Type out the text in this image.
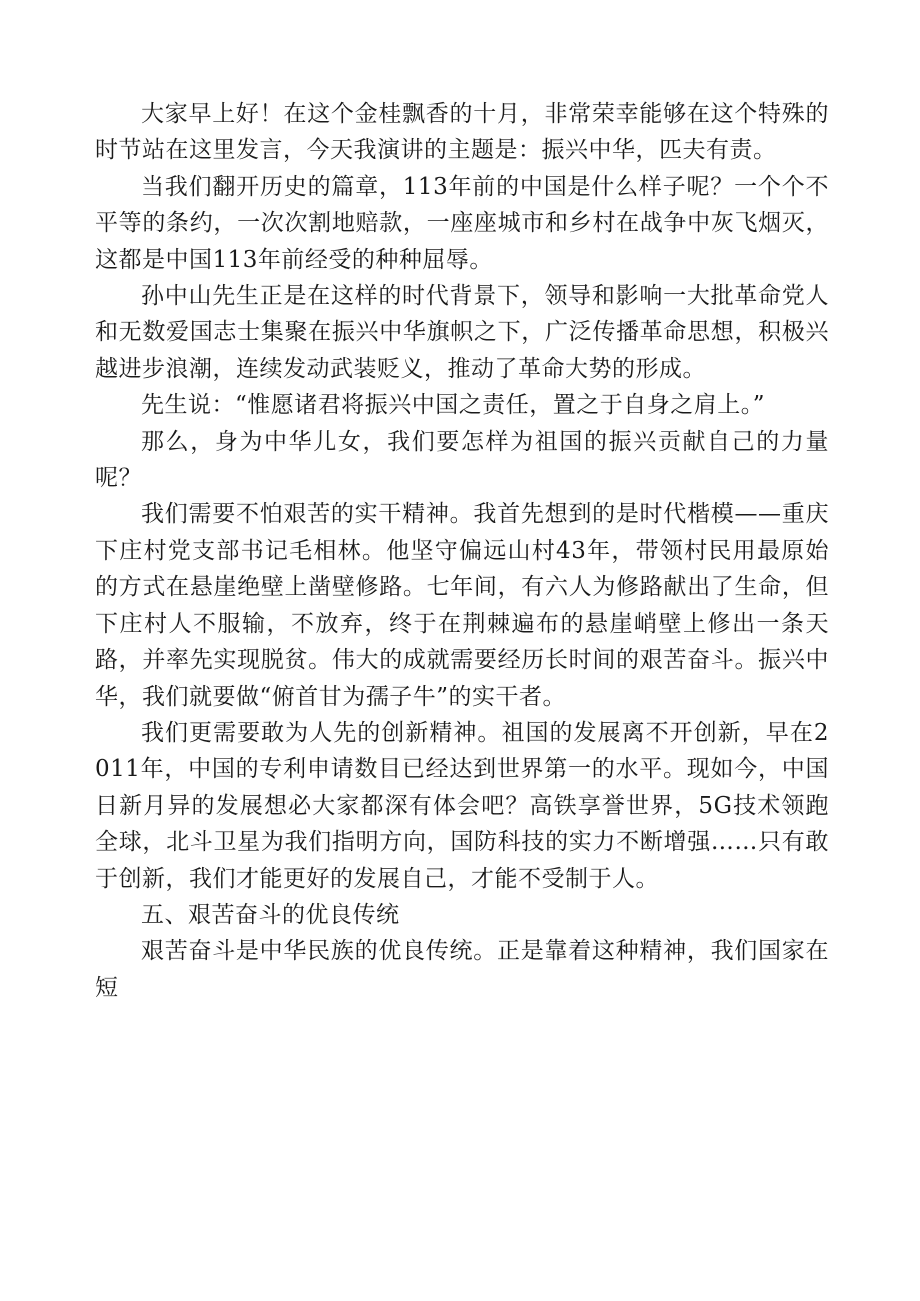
大家早上好！在这个金桂飘香的十月，非常荣幸能够在这个特殊的时节站在这里发言，今天我演讲的主题是：振兴中华，匹夫有责。

当我们翻开历史的篇章，113年前的中国是什么样子呢？一个个不平等的条约，一次次割地赔款，一座座城市和乡村在战争中灰飞烟灭，这都是中国113年前经受的种种屈辱。

孙中山先生正是在这样的时代背景下，领导和影响一大批革命党人和无数爱国志士集聚在振兴中华旗帜之下，广泛传播革命思想，积极兴越进步浪潮，连续发动武装贬义，推动了革命大势的形成。

先生说：“惟愿诸君将振兴中国之责任，置之于自身之肩上。”

那么，身为中华儿女，我们要怎样为祖国的振兴贡献自己的力量呢？

我们需要不怕艰苦的实干精神。我首先想到的是时代楷模——重庆下庄村党支部书记毛相林。他坚守偏远山村43年，带领村民用最原始的方式在悬崖绝壁上凿壁修路。七年间，有六人为修路献出了生命，但下庄村人不服输，不放弃，终于在荆棘遍布的悬崖峭壁上修出一条天路，并率先实现脱贫。伟大的成就需要经历长时间的艰苦奋斗。振兴中华，我们就要做“俯首甘为孺子牛”的实干者。

我们更需要敢为人先的创新精神。祖国的发展离不开创新，早在2011年，中国的专利申请数目已经达到世界第一的水平。现如今，中国日新月异的发展想必大家都深有体会吧？高铁享誉世界，5G技术领跑全球，北斗卫星为我们指明方向，国防科技的实力不断增强……只有敢于创新，我们才能更好的发展自己，才能不受制于人。

五、艰苦奋斗的优良传统

艰苦奋斗是中华民族的优良传统。正是靠着这种精神，我们国家在短
